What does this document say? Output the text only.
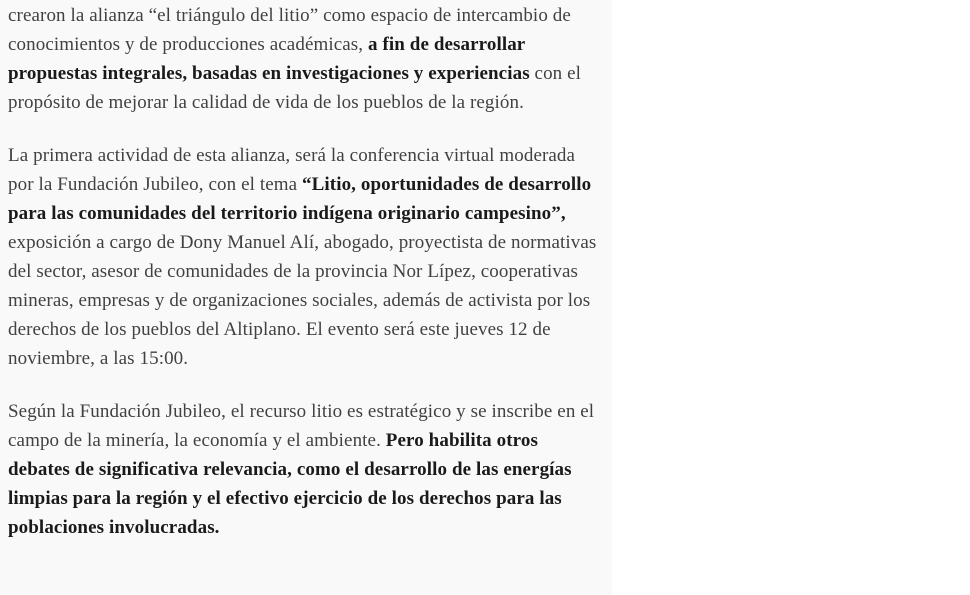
crearon la alianza “el triángulo del litio” como espacio de intercambio de conocimientos y de producciones académicas, a fin de desarrollar propuestas integrales, basadas en investigaciones y experiencias con el propósito de mejorar la calidad de vida de los pueblos de la región.

La primera actividad de esta alianza, será la conferencia virtual moderada por la Fundación Jubileo, con el tema “Litio, oportunidades de desarrollo para las comunidades del territorio indígena originario campesino”, exposición a cargo de Dony Manuel Alí, abogado, proyectista de normativas del sector, asesor de comunidades de la provincia Nor Lípez, cooperativas mineras, empresas y de organizaciones sociales, además de activista por los derechos de los pueblos del Altiplano. El evento será este jueves 12 de noviembre, a las 15:00.

Según la Fundación Jubileo, el recurso litio es estratégico y se inscribe en el campo de la minería, la economía y el ambiente. Pero habilita otros debates de significativa relevancia, como el desarrollo de las energías limpias para la región y el efectivo ejercicio de los derechos para las poblaciones involucradas.
